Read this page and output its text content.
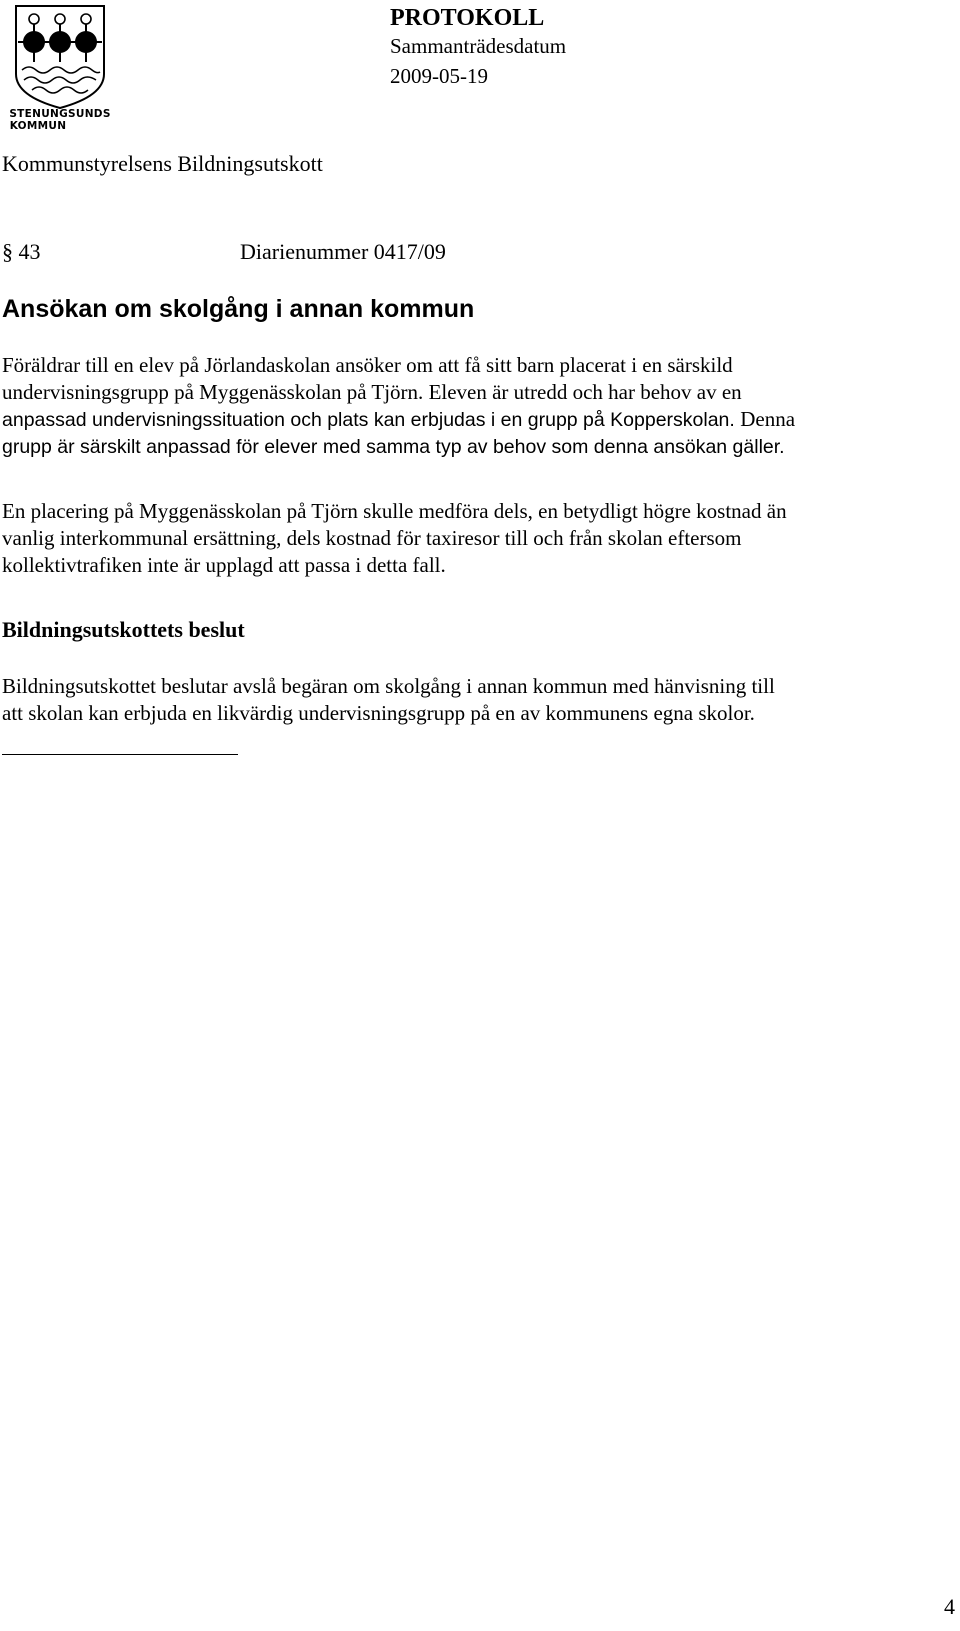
STENUNGSUNDS
KOMMUN
PROTOKOLL
Sammanträdesdatum
2009-05-19
Kommunstyrelsens Bildningsutskott
§ 43	Diarienummer 0417/09
Ansökan om skolgång i annan kommun
Föräldrar till en elev på Jörlandaskolan ansöker om att få sitt barn placerat i en särskild
undervisningsgrupp på Myggenässkolan på Tjörn. Eleven är utredd och har behov av en
anpassad undervisningssituation och plats kan erbjudas i en grupp på Kopperskolan. Denna
grupp är särskilt anpassad för elever med samma typ av behov som denna ansökan gäller.
En placering på Myggenässkolan på Tjörn skulle medföra dels, en betydligt högre kostnad än
vanlig interkommunal ersättning, dels kostnad för taxiresor till och från skolan eftersom
kollektivtrafiken inte är upplagd att passa i detta fall.
Bildningsutskottets beslut
Bildningsutskottet beslutar avslå begäran om skolgång i annan kommun med hänvisning till
att skolan kan erbjuda en likvärdig undervisningsgrupp på en av kommunens egna skolor.
4
